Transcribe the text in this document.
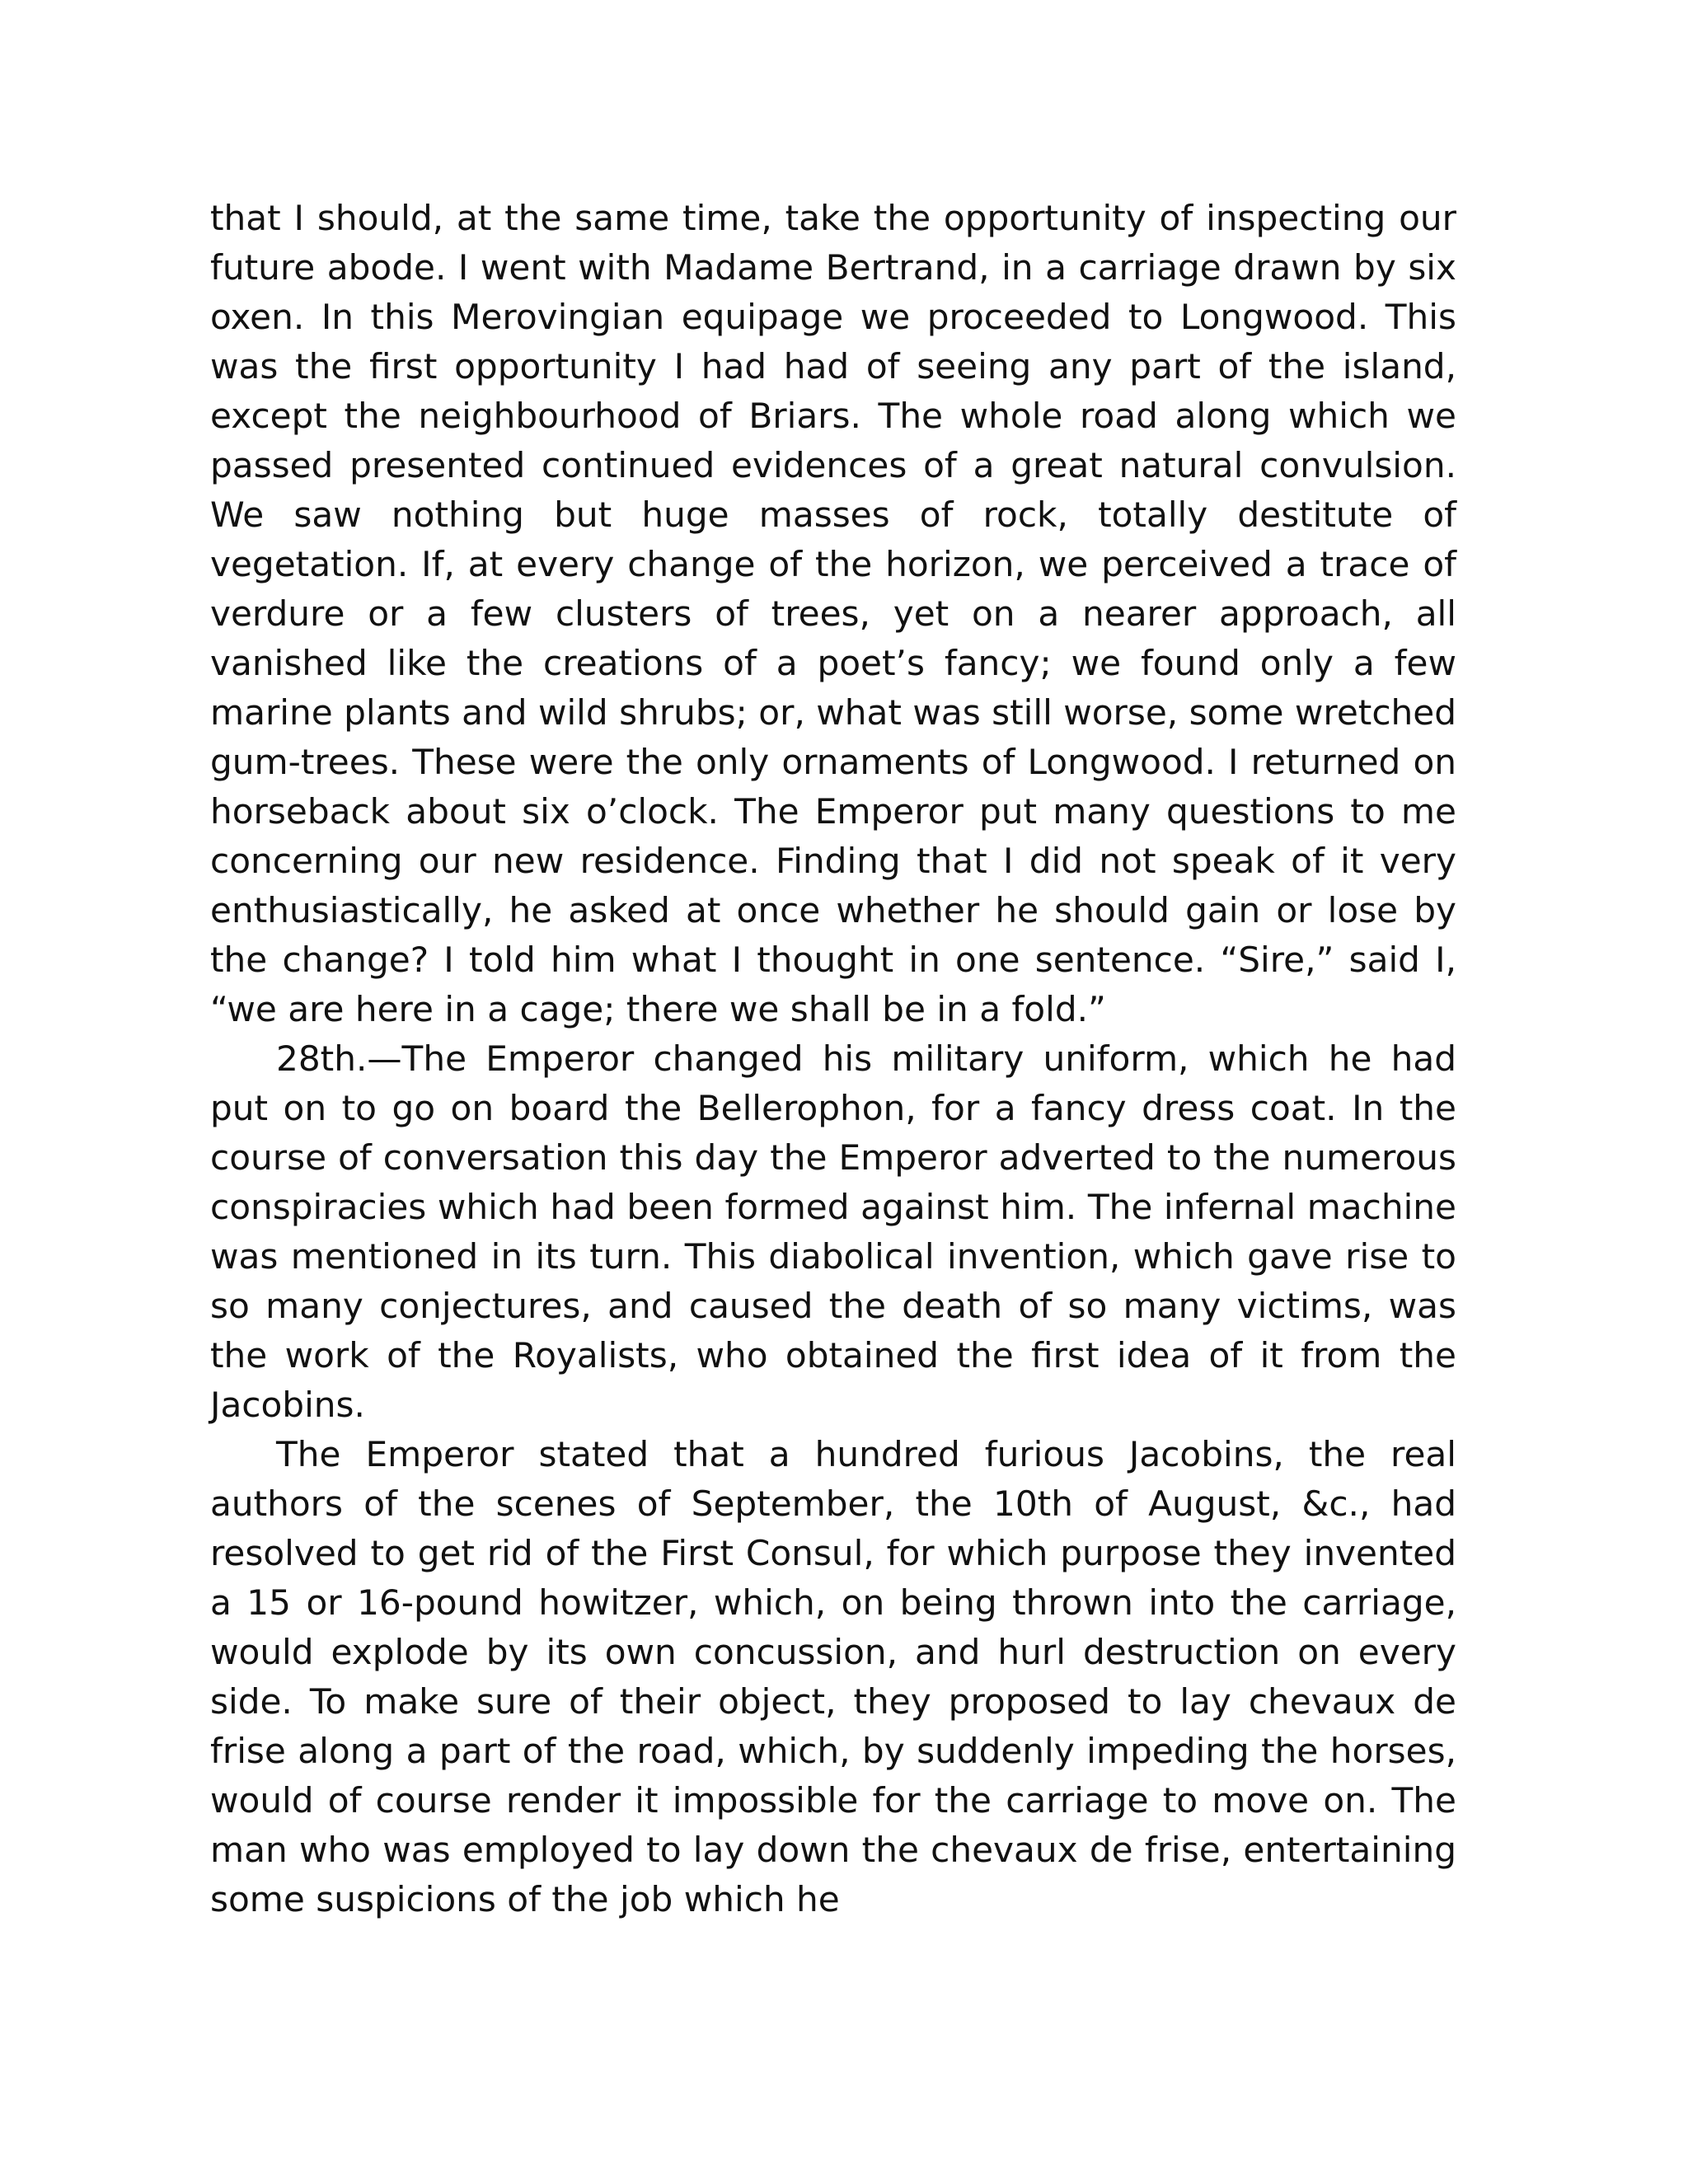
that I should, at the same time, take the opportunity of inspecting our future abode. I went with Madame Bertrand, in a carriage drawn by six oxen. In this Merovingian equipage we proceeded to Longwood. This was the first opportunity I had had of seeing any part of the island, except the neighbourhood of Briars. The whole road along which we passed presented continued evidences of a great natural convulsion. We saw nothing but huge masses of rock, totally destitute of vegetation. If, at every change of the horizon, we perceived a trace of verdure or a few clusters of trees, yet on a nearer approach, all vanished like the creations of a poet’s fancy; we found only a few marine plants and wild shrubs; or, what was still worse, some wretched gum-trees. These were the only ornaments of Longwood. I returned on horseback about six o’clock. The Emperor put many questions to me concerning our new residence. Finding that I did not speak of it very enthusiastically, he asked at once whether he should gain or lose by the change? I told him what I thought in one sentence. “Sire,” said I, “we are here in a cage; there we shall be in a fold.”

28th.—The Emperor changed his military uniform, which he had put on to go on board the Bellerophon, for a fancy dress coat. In the course of conversation this day the Emperor adverted to the numerous conspiracies which had been formed against him. The infernal machine was mentioned in its turn. This diabolical invention, which gave rise to so many conjectures, and caused the death of so many victims, was the work of the Royalists, who obtained the first idea of it from the Jacobins.

The Emperor stated that a hundred furious Jacobins, the real authors of the scenes of September, the 10th of August, &c., had resolved to get rid of the First Consul, for which purpose they invented a 15 or 16-pound howitzer, which, on being thrown into the carriage, would explode by its own concussion, and hurl destruction on every side. To make sure of their object, they proposed to lay chevaux de frise along a part of the road, which, by suddenly impeding the horses, would of course render it impossible for the carriage to move on. The man who was employed to lay down the chevaux de frise, entertaining some suspicions of the job which he
